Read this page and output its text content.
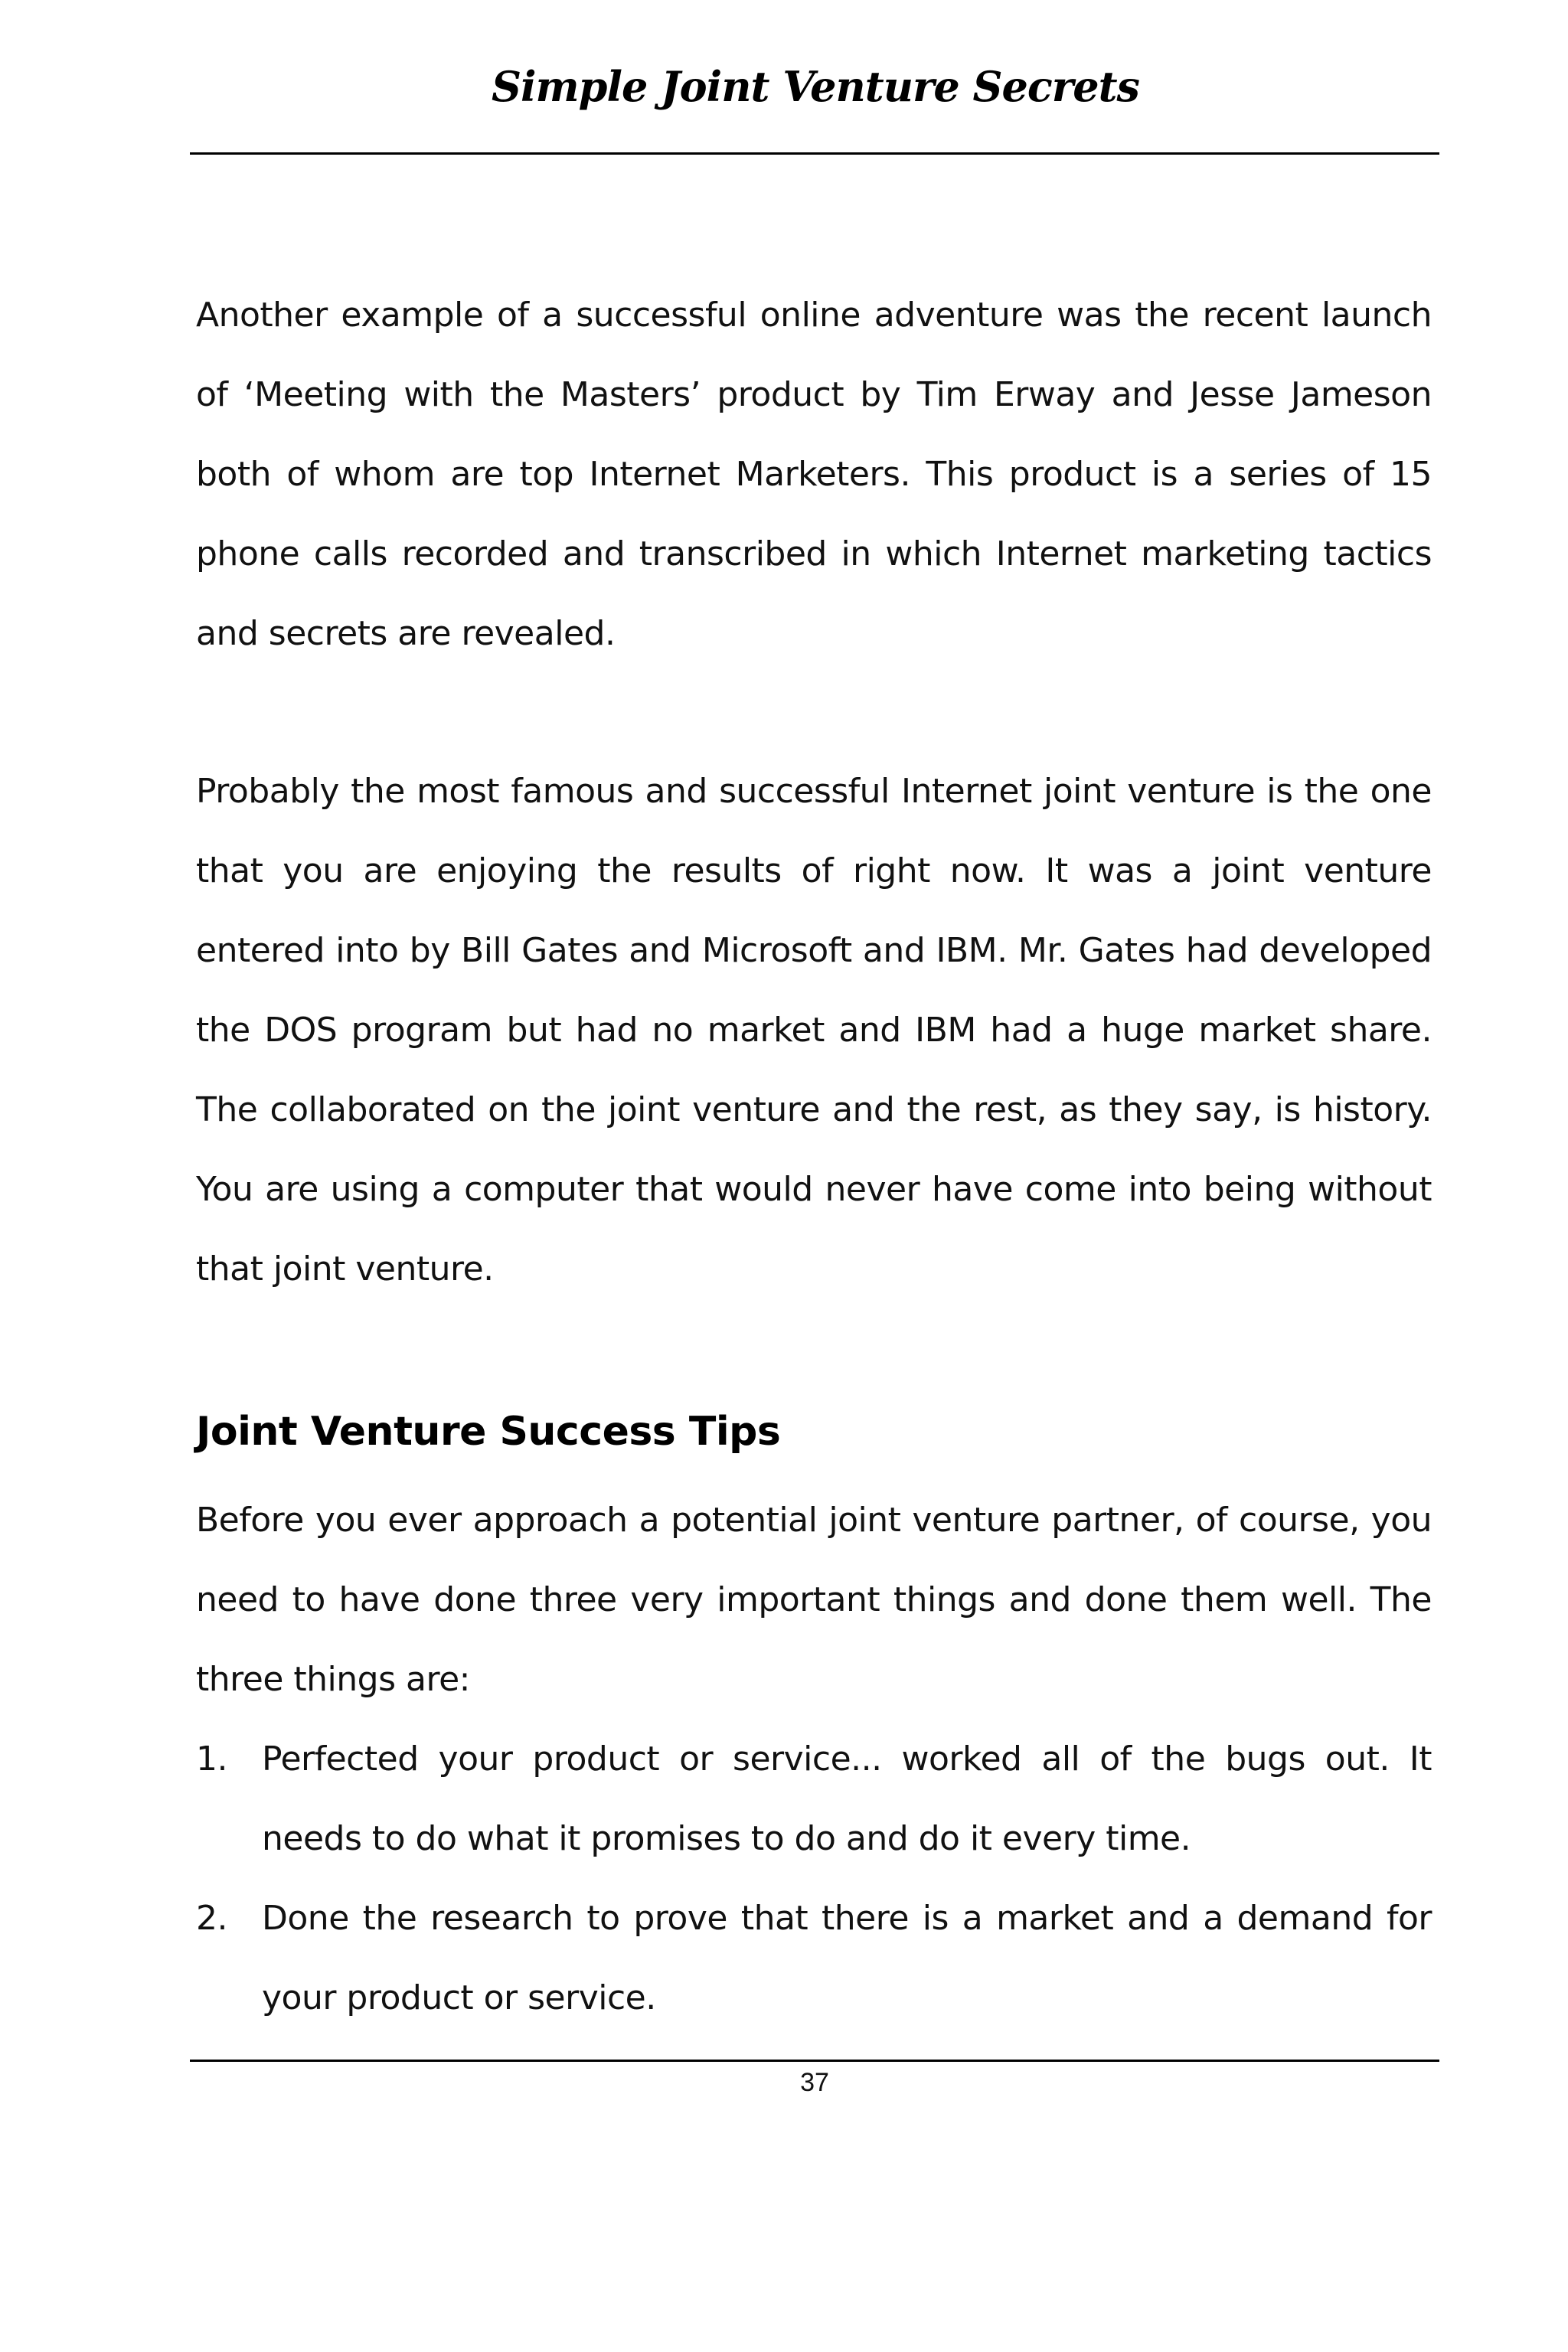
Simple Joint Venture Secrets

Another example of a successful online adventure was the recent launch of ‘Meeting with the Masters’ product by Tim Erway and Jesse Jameson both of whom are top Internet Marketers. This product is a series of 15 phone calls recorded and transcribed in which Internet marketing tactics and secrets are revealed.

Probably the most famous and successful Internet joint venture is the one that you are enjoying the results of right now. It was a joint venture entered into by Bill Gates and Microsoft and IBM. Mr. Gates had developed the DOS program but had no market and IBM had a huge market share. The collaborated on the joint venture and the rest, as they say, is history. You are using a computer that would never have come into being without that joint venture.

Joint Venture Success Tips

Before you ever approach a potential joint venture partner, of course, you need to have done three very important things and done them well. The three things are:

1. Perfected your product or service... worked all of the bugs out. It needs to do what it promises to do and do it every time.
2. Done the research to prove that there is a market and a demand for your product or service.
37
